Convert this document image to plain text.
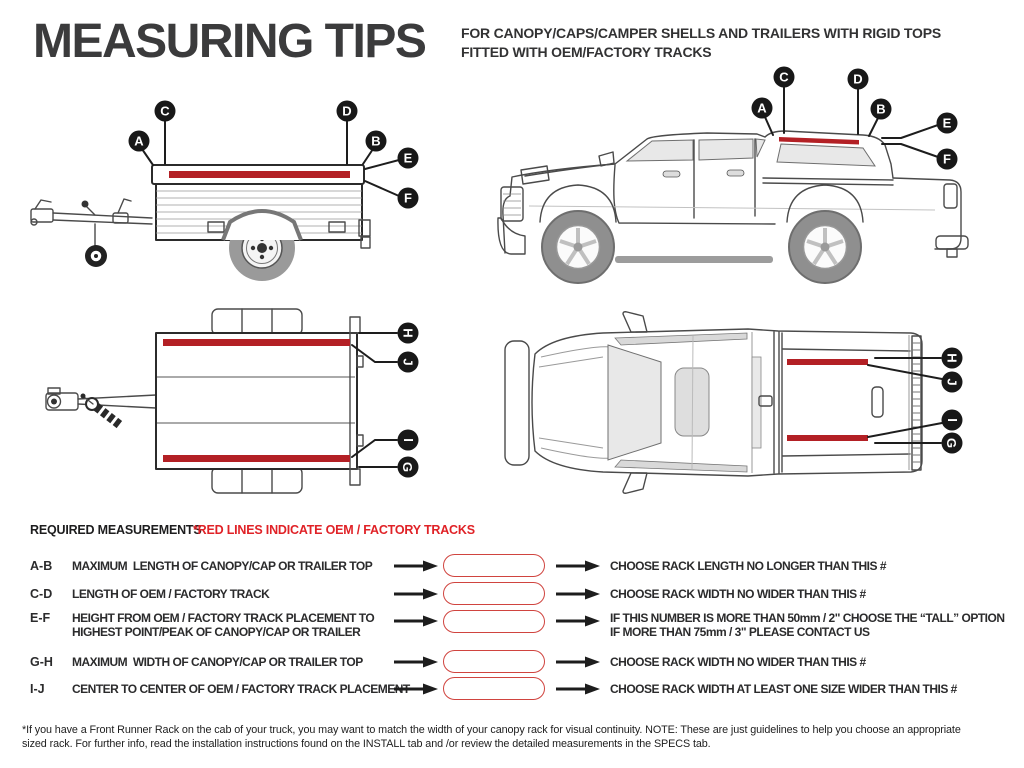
MEASURING TIPS	FOR CANOPY/CAPS/CAMPER SHELLS AND TRAILERS WITH RIGID TOPS
FITTED WITH OEM/FACTORY TRACKS
A
C	D
B
E
F
A
C	D
B
E
F
H
J
I
G
H
J
I
G
REQUIRED MEASUREMENTS
*RED LINES INDICATE OEM / FACTORY TRACKS
A-B MAXIMUM  LENGTH OF CANOPY/CAP OR TRAILER TOP	CHOOSE RACK LENGTH NO LONGER THAN THIS #
C-D LENGTH OF OEM / FACTORY TRACK	CHOOSE RACK WIDTH NO WIDER THAN THIS #
E-F HEIGHT FROM OEM / FACTORY TRACK PLACEMENT TO
HIGHEST POINT/PEAK OF CANOPY/CAP OR TRAILER
IF THIS NUMBER IS MORE THAN 50mm / 2" CHOOSE THE “TALL” OPTION
IF MORE THAN 75mm / 3" PLEASE CONTACT US
G-H MAXIMUM  WIDTH OF CANOPY/CAP OR TRAILER TOP	CHOOSE RACK WIDTH NO WIDER THAN THIS #
I-J CENTER TO CENTER OF OEM / FACTORY TRACK PLACEMENT	CHOOSE RACK WIDTH AT LEAST ONE SIZE WIDER THAN THIS #
*If you have a Front Runner Rack on the cab of your truck, you may want to match the width of your canopy rack for visual continuity. NOTE: These are just guidelines to help you choose an appropriate
sized rack. For further info, read the installation instructions found on the INSTALL tab and /or review the detailed measurements in the SPECS tab.
